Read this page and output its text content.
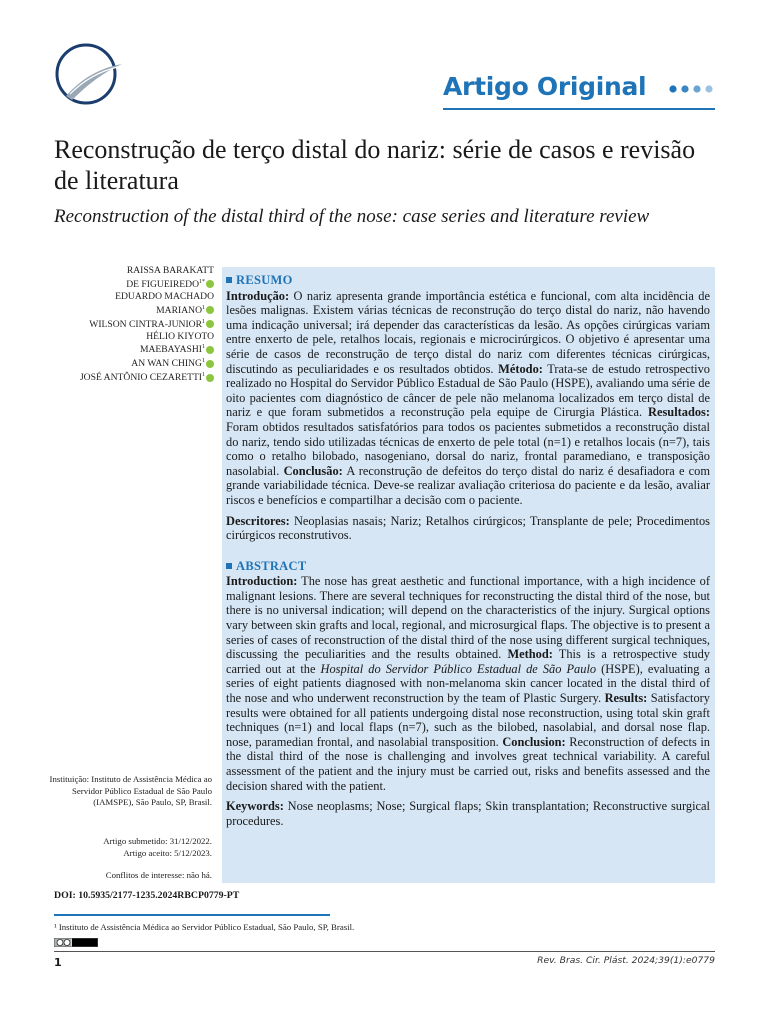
Artigo Original
Reconstrução de terço distal do nariz: série de casos e revisão de literatura
Reconstruction of the distal third of the nose: case series and literature review
RAISSA BARAKATT
DE $FIGUEIREDO^{1*}$
EDUARDO MACHADO
MARIANO$^1$
WILSON CINTRA-JUNIOR$^1$
HÉLIO KIYOTO
MAEBAYASHI$^1$
AN WAN CHING$^1$
JOSÉ ANTÔNIO CEZARETTI$^1$
RESUMO

Introdução: O nariz apresenta grande importância estética e funcional, com alta incidência de lesões malignas. Existem várias técnicas de reconstrução do terço distal do nariz, não havendo uma indicação universal; irá depender das características da lesão. As opções cirúrgicas variam entre enxerto de pele, retalhos locais, regionais e microcirúrgicos. O objetivo é apresentar uma série de casos de reconstrução de terço distal do nariz com diferentes técnicas cirúrgicas, discutindo as peculiaridades e os resultados obtidos. Método: Trata-se de estudo retrospectivo realizado no Hospital do Servidor Público Estadual de São Paulo (HSPE), avaliando uma série de oito pacientes com diagnóstico de câncer de pele não melanoma localizados em terço distal de nariz e que foram submetidos a reconstrução pela equipe de Cirurgia Plástica. Resultados: Foram obtidos resultados satisfatórios para todos os pacientes submetidos a reconstrução distal do nariz, tendo sido utilizadas técnicas de enxerto de pele total (n=1) e retalhos locais (n=7), tais como o retalho bilobado, nasogeniano, dorsal do nariz, frontal paramediano, e transposição nasolabial. Conclusão: A reconstrução de defeitos do terço distal do nariz é desafiadora e com grande variabilidade técnica. Deve-se realizar avaliação criteriosa do paciente e da lesão, avaliar riscos e benefícios e compartilhar a decisão com o paciente.

Descritores: Neoplasias nasais; Nariz; Retalhos cirúrgicos; Transplante de pele; Procedimentos cirúrgicos reconstrutivos.

ABSTRACT

Introduction: The nose has great aesthetic and functional importance, with a high incidence of malignant lesions. There are several techniques for reconstructing the distal third of the nose, but there is no universal indication; will depend on the characteristics of the injury. Surgical options vary between skin grafts and local, regional, and microsurgical flaps. The objective is to present a series of cases of reconstruction of the distal third of the nose using different surgical techniques, discussing the peculiarities and the results obtained. Method: This is a retrospective study carried out at the Hospital do Servidor Público Estadual de São Paulo (HSPE), evaluating a series of eight patients diagnosed with non-melanoma skin cancer located in the distal third of the nose and who underwent reconstruction by the team of Plastic Surgery. Results: Satisfactory results were obtained for all patients undergoing distal nose reconstruction, using total skin graft techniques (n=1) and local flaps (n=7), such as the bilobed, nasolabial, and dorsal nose flap. nose, paramedian frontal, and nasolabial transposition. Conclusion: Reconstruction of defects in the distal third of the nose is challenging and involves great technical variability. A careful assessment of the patient and the injury must be carried out, risks and benefits assessed and the decision shared with the patient.

Keywords: Nose neoplasms; Nose; Surgical flaps; Skin transplantation; Reconstructive surgical procedures.

Instituição: Instituto de Assistência Médica ao Servidor Público Estadual de São Paulo (IAMSPE), São Paulo, SP, Brasil.

Artigo submetido: 31/12/2022.

Artigo aceito: 5/12/2023.

Conflitos de interesse: não há.

DOI: 10.5935/2177-1235.2024RBCP0779-PT
¹ Instituto de Assistência Médica ao Servidor Público Estadual, São Paulo, SP, Brasil.
1	Rev. Bras. Cir. Plást. 2024;39(1):e0779
